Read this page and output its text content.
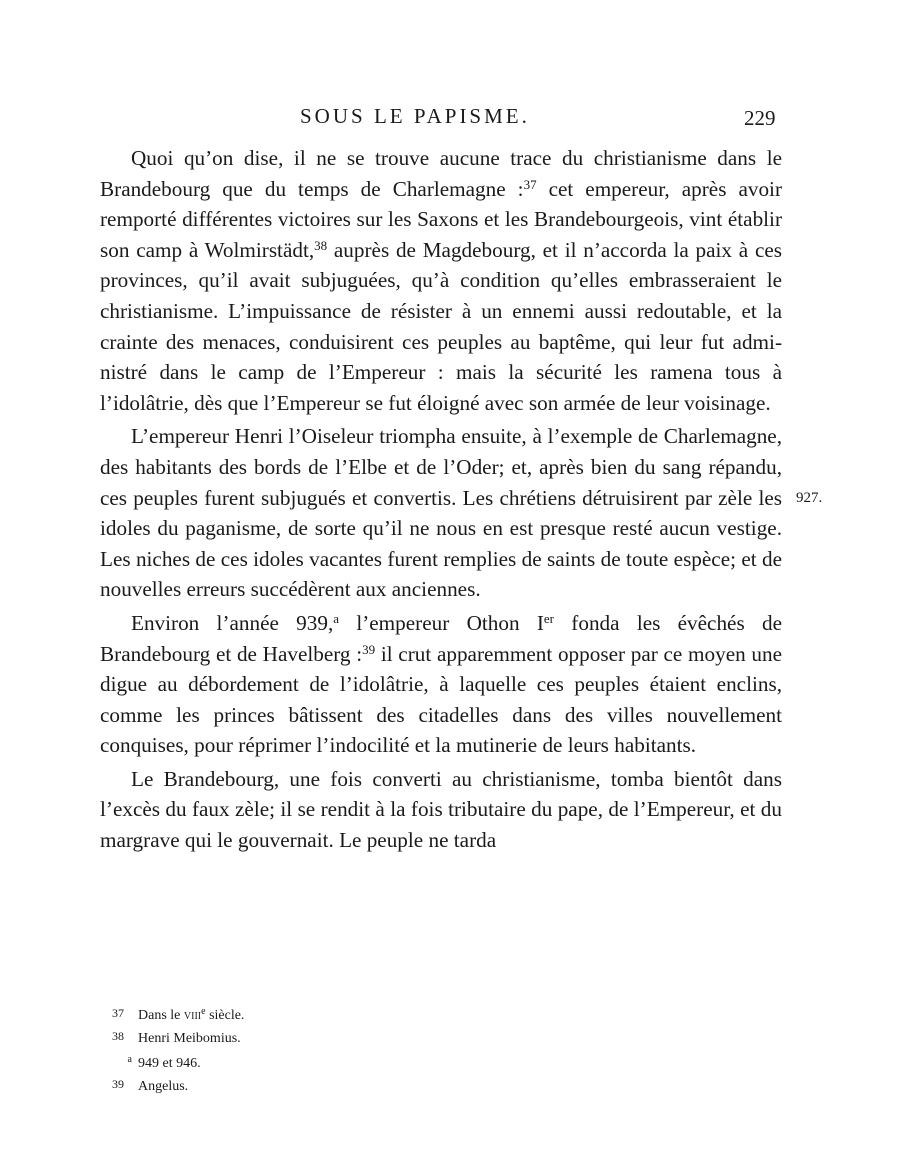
SOUS LE PAPISME.	229

Quoi qu’on dise, il ne se trouve aucune trace du christianisme dans le Brandebourg que du temps de Charlemagne :$^{37}$ cet empereur, après avoir remporté différentes victoires sur les Saxons et les Brandebourgeois, vint établir son camp à Wolmirstädt,$^{38}$ auprès de Magdebourg, et il n’accorda la paix à ces provinces, qu’il avait subjuguées, qu’à condition qu’elles embrasseraient le christianisme. L’impuissance de résister à un ennemi aussi redoutable, et la crainte des menaces, conduisirent ces peuples au baptême, qui leur fut administré dans le camp de l’Empereur : mais la sécurité les ramena tous à l’idolâtrie, dès que l’Empereur se fut éloigné avec son armée de leur voisinage.

L’empereur Henri l’Oiseleur triompha ensuite, à l’exemple de Charlemagne, des habitants des bords de l’Elbe et de l’Oder; et, après bien du sang répandu, ces peuples furent subjugués et convertis. Les chrétiens détruisirent par zèle les idoles du paganisme, de sorte qu’il ne nous en est presque resté aucun vestige. Les niches de ces idoles vacantes furent remplies de saints de toute espèce; et de nouvelles erreurs succédèrent aux anciennes.

Environ l’année 939,$^a$ l’empereur Othon Ier fonda les évêchés de Brandebourg et de Havelberg :$^{39}$ il crut apparemment opposer par ce moyen une digue au débordement de l’idolâtrie, à laquelle ces peuples étaient enclins, comme les princes bâtissent des citadelles dans des villes nouvellement conquises, pour réprimer l’indocilité et la mutinerie de leurs habitants.

Le Brandebourg, une fois converti au christianisme, tomba bientôt dans l’excès du faux zèle; il se rendit à la fois tributaire du pape, de l’Empereur, et du margrave qui le gouvernait. Le peuple ne tarda

927.
37 Dans le viii$^e$ siècle.
38 Henri Meibomius.
a 949 et 946.
39 Angelus.
